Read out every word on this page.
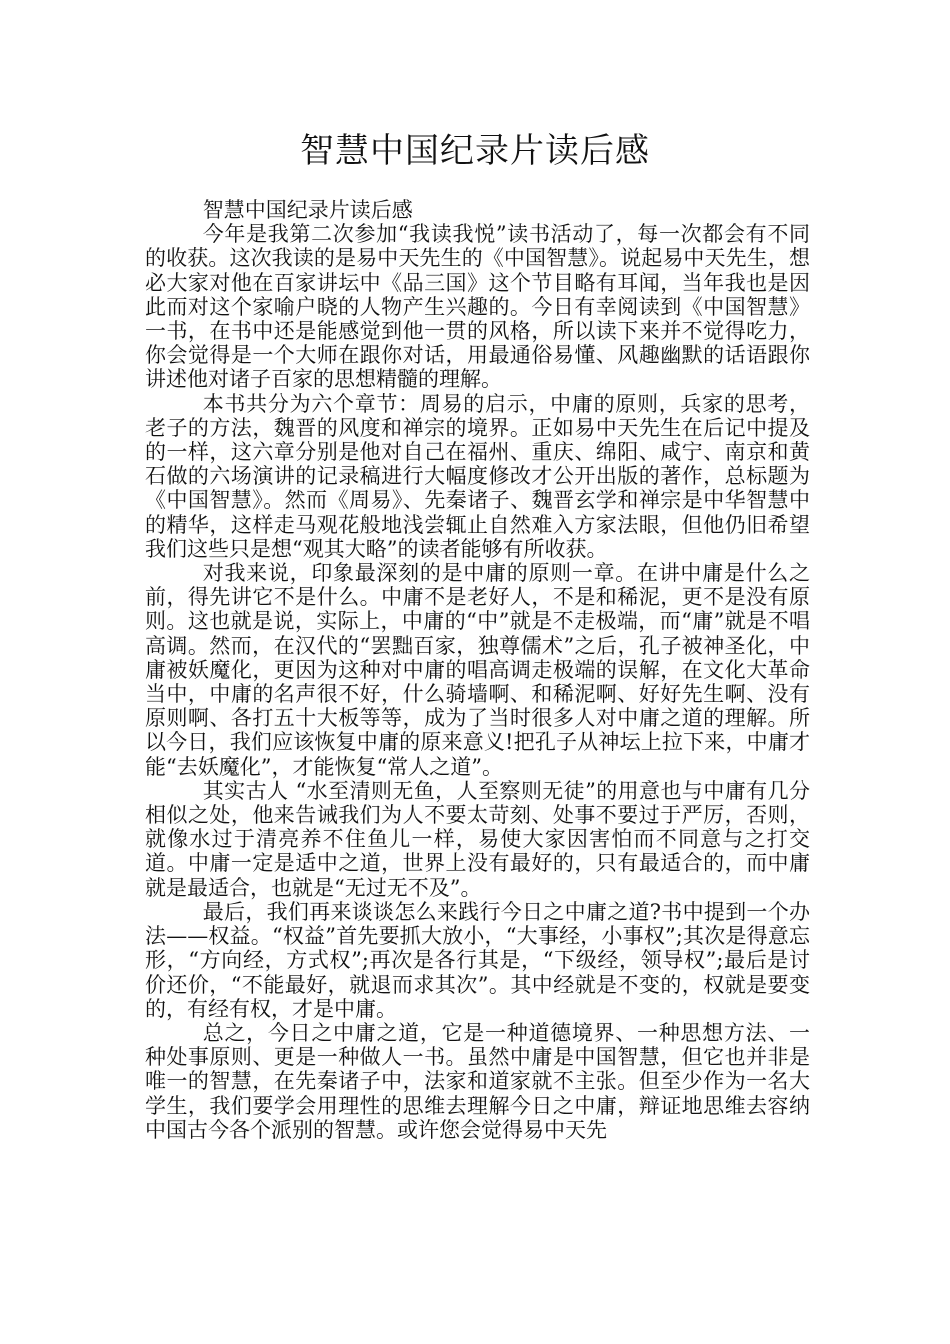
智慧中国纪录片读后感

智慧中国纪录片读后感

今年是我第二次参加“我读我悦”读书活动了，每一次都会有不同的收获。这次我读的是易中天先生的《中国智慧》。说起易中天先生，想必大家对他在百家讲坛中《品三国》这个节目略有耳闻，当年我也是因此而对这个家喻户晓的人物产生兴趣的。今日有幸阅读到《中国智慧》一书，在书中还是能感觉到他一贯的风格，所以读下来并不觉得吃力，你会觉得是一个大师在跟你对话，用最通俗易懂、风趣幽默的话语跟你讲述他对诸子百家的思想精髓的理解。

本书共分为六个章节：周易的启示，中庸的原则，兵家的思考，老子的方法，魏晋的风度和禅宗的境界。正如易中天先生在后记中提及的一样，这六章分别是他对自己在福州、重庆、绵阳、咸宁、南京和黄石做的六场演讲的记录稿进行大幅度修改才公开出版的著作，总标题为《中国智慧》。然而《周易》、先秦诸子、魏晋玄学和禅宗是中华智慧中的精华，这样走马观花般地浅尝辄止自然难入方家法眼，但他仍旧希望我们这些只是想“观其大略”的读者能够有所收获。

对我来说，印象最深刻的是中庸的原则一章。在讲中庸是什么之前，得先讲它不是什么。中庸不是老好人，不是和稀泥，更不是没有原则。这也就是说，实际上，中庸的“中”就是不走极端，而“庸”就是不唱高调。然而，在汉代的“罢黜百家，独尊儒术”之后，孔子被神圣化，中庸被妖魔化，更因为这种对中庸的唱高调走极端的误解，在文化大革命当中，中庸的名声很不好，什么骑墙啊、和稀泥啊、好好先生啊、没有原则啊、各打五十大板等等，成为了当时很多人对中庸之道的理解。所以今日，我们应该恢复中庸的原来意义!把孔子从神坛上拉下来，中庸才能“去妖魔化”，才能恢复“常人之道”。

其实古人 “水至清则无鱼，人至察则无徒”的用意也与中庸有几分相似之处，他来告诫我们为人不要太苛刻、处事不要过于严厉，否则，就像水过于清亮养不住鱼儿一样，易使大家因害怕而不同意与之打交道。中庸一定是适中之道，世界上没有最好的，只有最适合的，而中庸就是最适合，也就是“无过无不及”。

最后，我们再来谈谈怎么来践行今日之中庸之道?书中提到一个办法——权益。“权益”首先要抓大放小，“大事经，小事权”;其次是得意忘形，“方向经，方式权”;再次是各行其是，“下级经，领导权”;最后是讨价还价，“不能最好，就退而求其次”。其中经就是不变的，权就是要变的，有经有权，才是中庸。

总之，今日之中庸之道，它是一种道德境界、一种思想方法、一种处事原则、更是一种做人一书。虽然中庸是中国智慧，但它也并非是唯一的智慧，在先秦诸子中，法家和道家就不主张。但至少作为一名大学生，我们要学会用理性的思维去理解今日之中庸，辩证地思维去容纳中国古今各个派别的智慧。或许您会觉得易中天先
